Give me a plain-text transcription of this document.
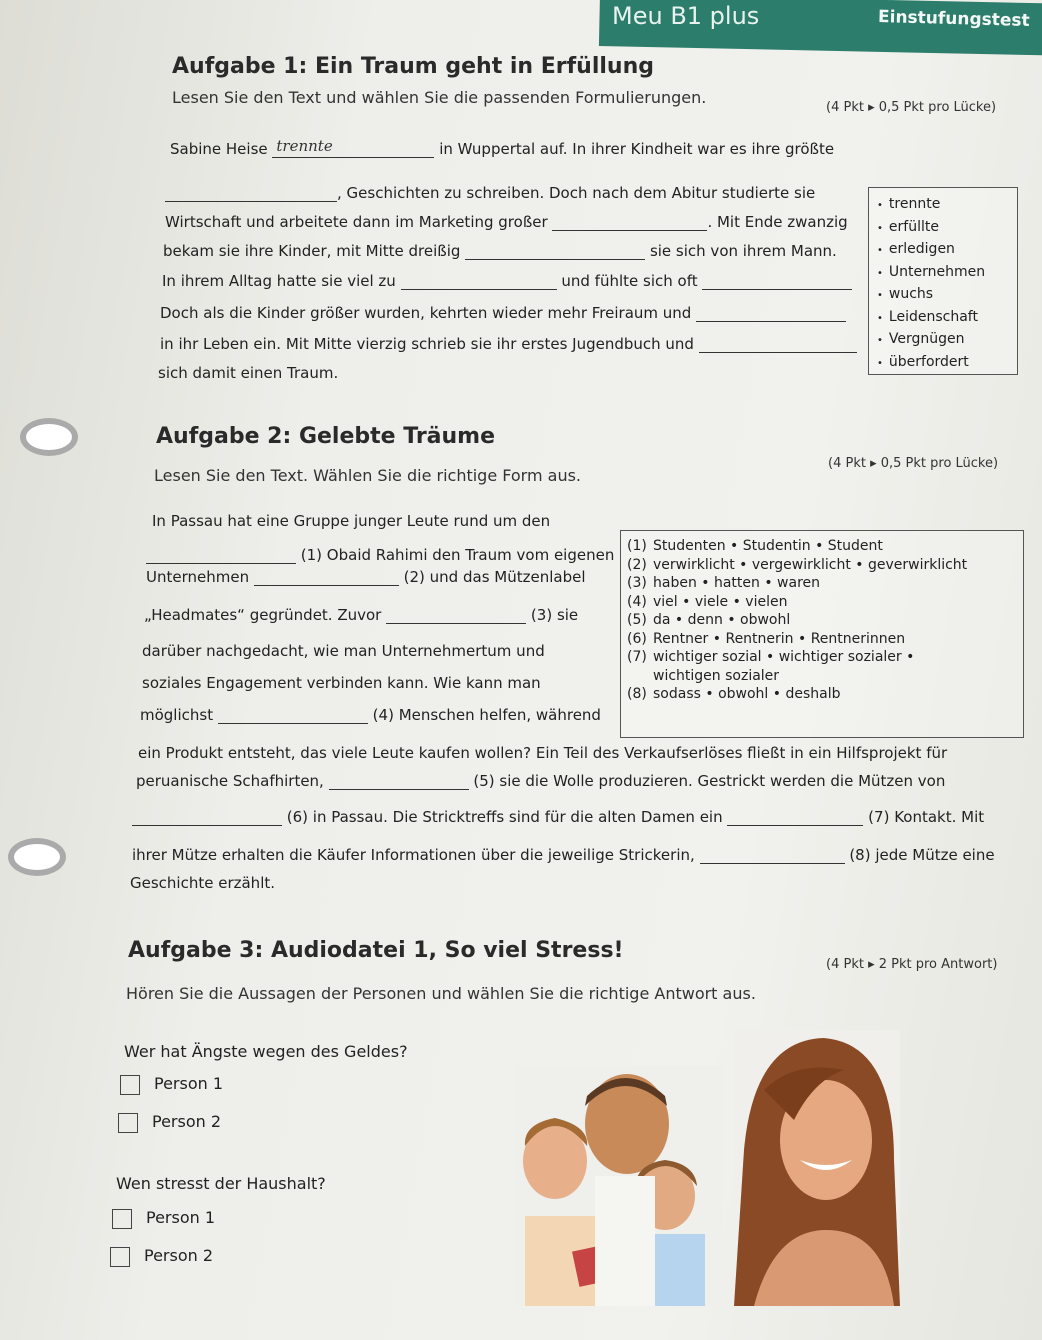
Meu B1 plus	Einstufungstest
Aufgabe 1: Ein Traum geht in Erfüllung
(4 Pkt ▸ 0,5 Pkt pro Lücke)
Lesen Sie den Text und wählen Sie die passenden Formulierungen.
Sabine Heise trennte	in Wuppertal auf. In ihrer Kindheit war es ihre größte
, Geschichten zu schreiben. Doch nach dem Abitur studierte sie
Wirtschaft und arbeitete dann im Marketing großer	. Mit Ende zwanzig
bekam sie ihre Kinder, mit Mitte dreißig	sie sich von ihrem Mann.
In ihrem Alltag hatte sie viel zu	und fühlte sich oft
Doch als die Kinder größer wurden, kehrten wieder mehr Freiraum und
in ihr Leben ein. Mit Mitte vierzig schrieb sie ihr erstes Jugendbuch und
sich damit einen Traum.
• trennte
• erfüllte
• erledigen
• Unternehmen
• wuchs
• Leidenschaft
• Vergnügen
• überfordert
Aufgabe 2: Gelebte Träume
(4 Pkt ▸ 0,5 Pkt pro Lücke)
Lesen Sie den Text. Wählen Sie die richtige Form aus.
In Passau hat eine Gruppe junger Leute rund um den
(1) Obaid Rahimi den Traum vom eigenen
Unternehmen	(2) und das Mützenlabel
„Headmates“ gegründet. Zuvor	(3) sie
darüber nachgedacht, wie man Unternehmertum und
soziales Engagement verbinden kann. Wie kann man
möglichst	(4) Menschen helfen, während
ein Produkt entsteht, das viele Leute kaufen wollen? Ein Teil des Verkaufserlöses fließt in ein Hilfsprojekt für
peruanische Schafhirten,	(5) sie die Wolle produzieren. Gestrickt werden die Mützen von
(6) in Passau. Die Stricktreffs sind für die alten Damen ein	(7) Kontakt. Mit
ihrer Mütze erhalten die Käufer Informationen über die jeweilige Strickerin,	(8) jede Mütze eine
Geschichte erzählt.
(1) Studenten • Studentin • Student
(2) verwirklicht • vergewirklicht • geverwirklicht
(3) haben • hatten • waren
(4) viel • viele • vielen
(5) da • denn • obwohl
(6) Rentner • Rentnerin • Rentnerinnen
(7) wichtiger sozial • wichtiger sozialer •
wichtigen sozialer
(8) sodass • obwohl • deshalb
Aufgabe 3: Audiodatei 1, So viel Stress!
(4 Pkt ▸ 2 Pkt pro Antwort)
Hören Sie die Aussagen der Personen und wählen Sie die richtige Antwort aus.
Wer hat Ängste wegen des Geldes?
Person 1
Person 2
Wen stresst der Haushalt?
Person 1
Person 2
